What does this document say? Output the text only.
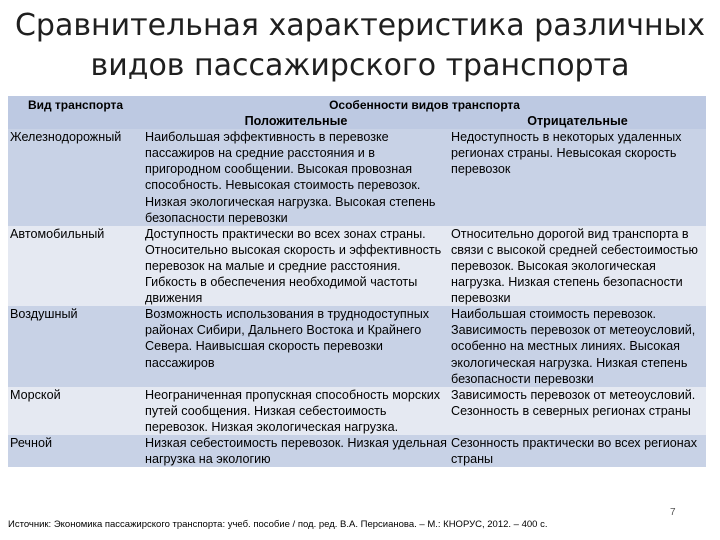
Сравнительная характеристика различных
видов пассажирского транспорта
Вид транспорта	Особенности видов транспорта	
	Положительные	Отрицательные
Железнодорожный	Наибольшая эффективность в перевозке пассажиров на средние расстояния и в пригородном сообщении. Высокая провозная способность. Невысокая стоимость перевозок. Низкая экологическая нагрузка. Высокая степень безопасности перевозки	Недоступность в некоторых удаленных регионах страны. Невысокая скорость перевозок
Автомобильный	Доступность практически во всех зонах страны. Относительно высокая скорость и эффективность перевозок на малые и средние расстояния. Гибкость в обеспечения необходимой частоты движения	Относительно дорогой вид транспорта в связи с высокой средней себестоимостью перевозок. Высокая экологическая нагрузка. Низкая степень безопасности перевозки
Воздушный	Возможность использования в труднодоступных районах Сибири, Дальнего Востока и Крайнего Севера. Наивысшая скорость перевозки пассажиров	Наибольшая стоимость перевозок. Зависимость перевозок от метеоусловий, особенно на местных линиях. Высокая экологическая нагрузка. Низкая степень безопасности перевозки
Морской	Неограниченная пропускная способность морских путей сообщения. Низкая себестоимость перевозок. Низкая экологическая нагрузка.	Зависимость перевозок от метеоусловий. Сезонность в северных регионах страны
Речной	Низкая себестоимость перевозок. Низкая удельная нагрузка на экологию	Сезонность практически во всех регионах страны
7
Источник: Экономика пассажирского транспорта: учеб. пособие / под. ред. В.А. Персианова. – М.: КНОРУС, 2012. – 400 с.
